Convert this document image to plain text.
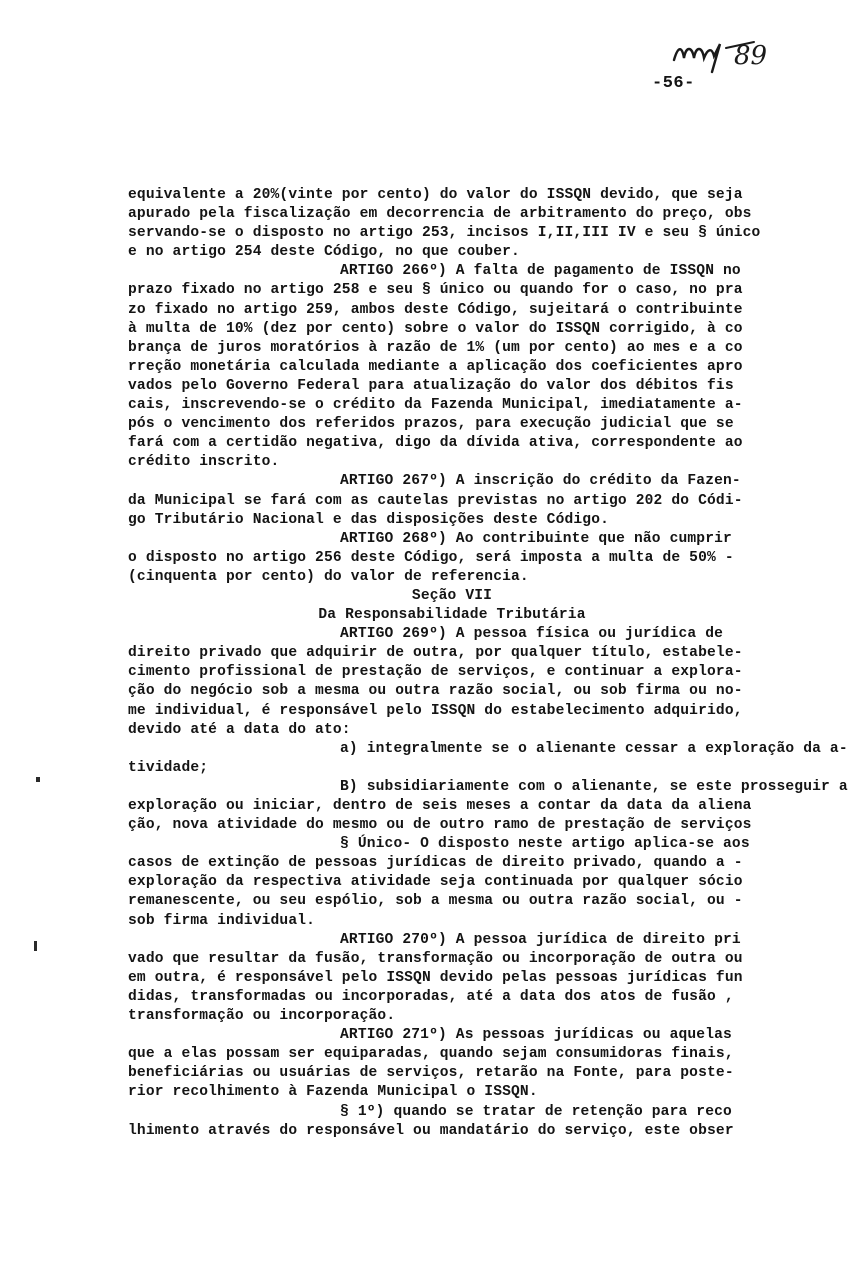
89
-56-
equivalente a 20%(vinte por cento) do valor do ISSQN devido, que seja
apurado pela fiscalização em decorrencia de arbitramento do preço, obs
servando-se o disposto no artigo 253, incisos I,II,III IV e seu § único
e no artigo 254 deste Código, no que couber.
ARTIGO 266º) A falta de pagamento de ISSQN no
prazo fixado no artigo 258 e seu § único ou quando for o caso, no pra
zo fixado no artigo 259, ambos deste Código, sujeitará o contribuinte
à multa de 10% (dez por cento) sobre o valor do ISSQN corrigido, à co
brança de juros moratórios à razão de 1% (um por cento) ao mes e a co
rreção monetária calculada mediante a aplicação dos coeficientes apro
vados pelo Governo Federal para atualização do valor dos débitos fis
cais, inscrevendo-se o crédito da Fazenda Municipal, imediatamente a-
pós o vencimento dos referidos prazos, para execução judicial que se
fará com a certidão negativa, digo da dívida ativa, correspondente ao
crédito inscrito.
ARTIGO 267º) A inscrição do crédito da Fazen-
da Municipal se fará com as cautelas previstas no artigo 202 do Códi-
go Tributário Nacional e das disposições deste Código.
ARTIGO 268º) Ao contribuinte que não cumprir
o disposto no artigo 256 deste Código, será imposta a multa de 50% -
(cinquenta por cento) do valor de referencia.
Seção VII
Da Responsabilidade Tributária
ARTIGO 269º) A pessoa física ou jurídica de
direito privado que adquirir de outra, por qualquer título, estabele-
cimento profissional de prestação de serviços, e continuar a explora-
ção do negócio sob a mesma ou outra razão social, ou sob firma ou no-
me individual, é responsável pelo ISSQN do estabelecimento adquirido,
devido até a data do ato:
a) integralmente se o alienante cessar a exploração da a-
tividade;
B) subsidiariamente com o alienante, se este prosseguir a
exploração ou iniciar, dentro de seis meses a contar da data da aliena
ção, nova atividade do mesmo ou de outro ramo de prestação de serviços
§ Único- O disposto neste artigo aplica-se aos
casos de extinção de pessoas jurídicas de direito privado, quando a -
exploração da respectiva atividade seja continuada por qualquer sócio
remanescente, ou seu espólio, sob a mesma ou outra razão social, ou -
sob firma individual.
ARTIGO 270º) A pessoa jurídica de direito pri
vado que resultar da fusão, transformação ou incorporação de outra ou
em outra, é responsável pelo ISSQN devido pelas pessoas jurídicas fun
didas, transformadas ou incorporadas, até a data dos atos de fusão ,
transformação ou incorporação.
ARTIGO 271º) As pessoas jurídicas ou aquelas
que a elas possam ser equiparadas, quando sejam consumidoras finais,
beneficiárias ou usuárias de serviços, retarão na Fonte, para poste-
rior recolhimento à Fazenda Municipal o ISSQN.
§ 1º) quando se tratar de retenção para reco
lhimento através do responsável ou mandatário do serviço, este obser
